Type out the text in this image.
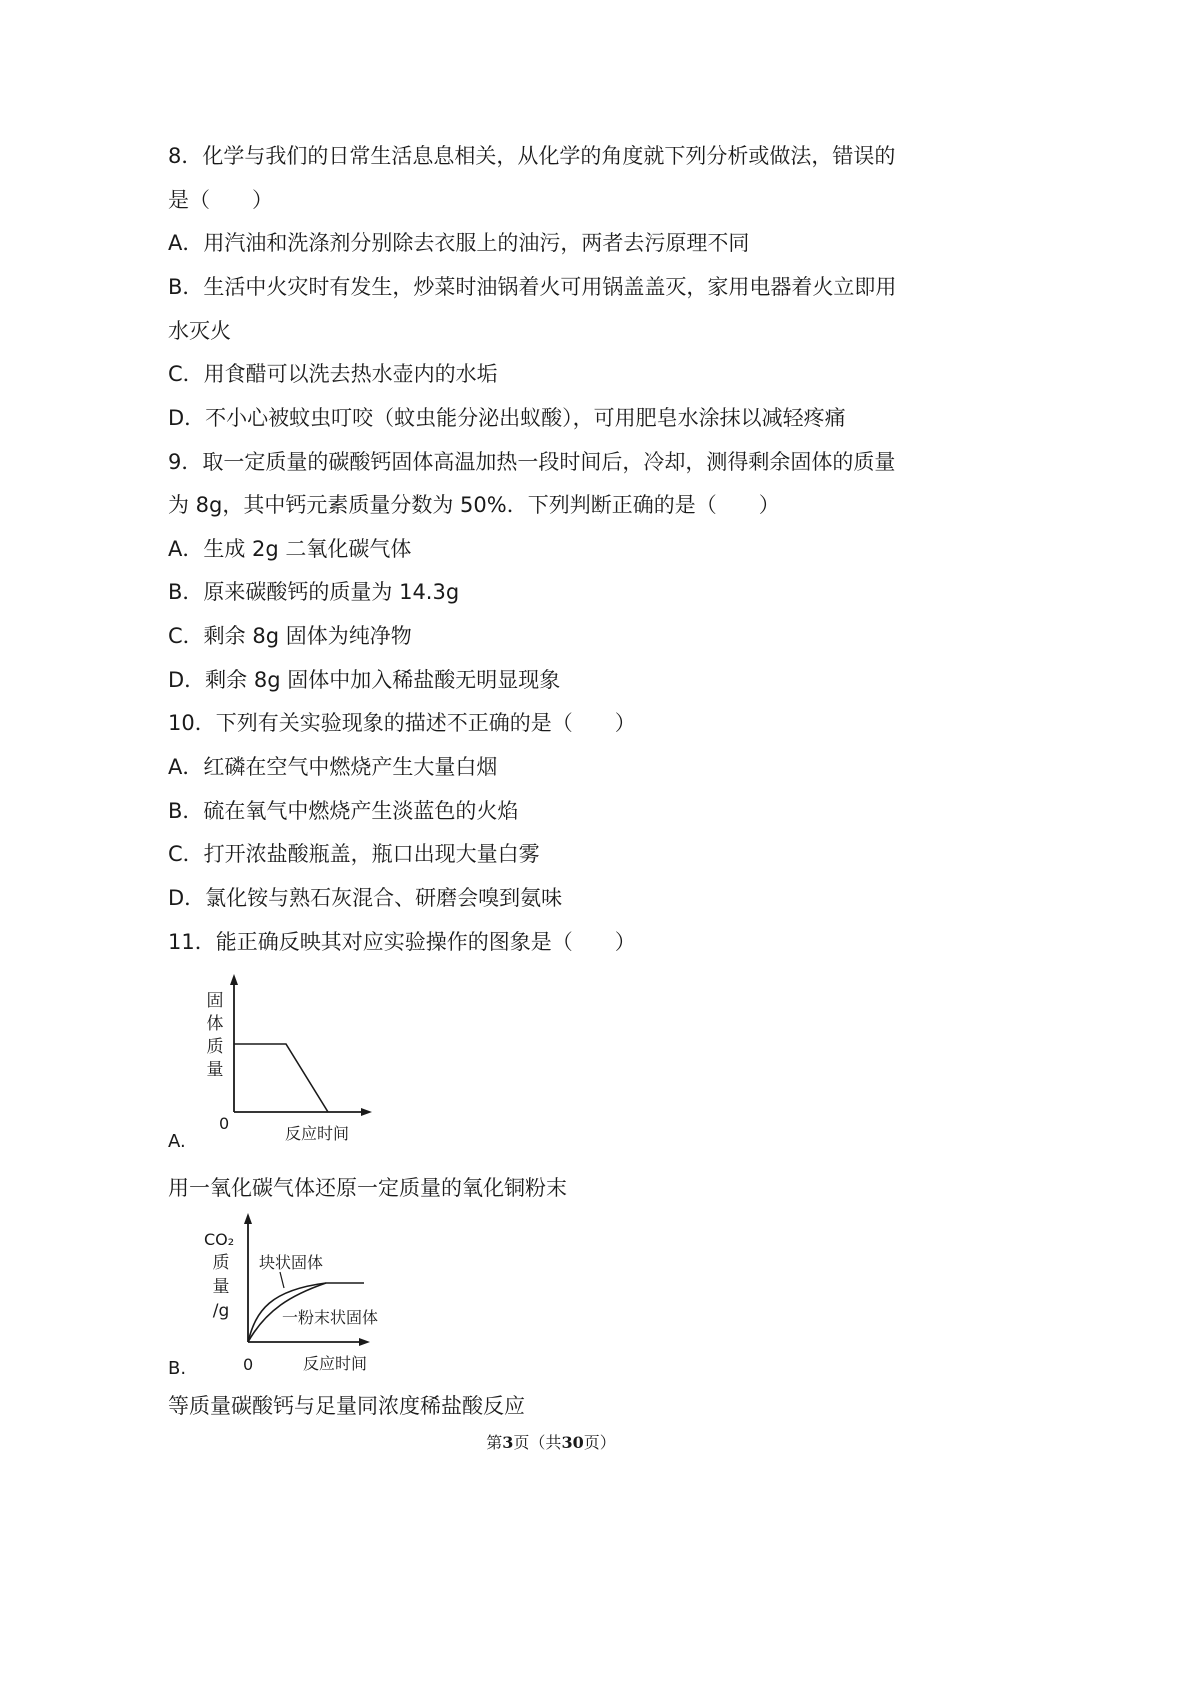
8．化学与我们的日常生活息息相关，从化学的角度就下列分析或做法，错误的
是（　　）
A．用汽油和洗涤剂分别除去衣服上的油污，两者去污原理不同
B．生活中火灾时有发生，炒菜时油锅着火可用锅盖盖灭，家用电器着火立即用
水灭火
C．用食醋可以洗去热水壶内的水垢
D．不小心被蚊虫叮咬（蚊虫能分泌出蚁酸），可用肥皂水涂抹以减轻疼痛
9．取一定质量的碳酸钙固体高温加热一段时间后，冷却，测得剩余固体的质量
为 8g，其中钙元素质量分数为 50%．下列判断正确的是（　　）
A．生成 2g 二氧化碳气体
B．原来碳酸钙的质量为 14.3g
C．剩余 8g 固体为纯净物
D．剩余 8g 固体中加入稀盐酸无明显现象
10．下列有关实验现象的描述不正确的是（　　）
A．红磷在空气中燃烧产生大量白烟
B．硫在氧气中燃烧产生淡蓝色的火焰
C．打开浓盐酸瓶盖，瓶口出现大量白雾
D．氯化铵与熟石灰混合、研磨会嗅到氨味
11．能正确反映其对应实验操作的图象是（　　）
固
体
质
量
0
反应时间
A.
用一氧化碳气体还原一定质量的氧化铜粉末
CO₂
质
量
/g
块状固体
一粉末状固体
0	反应时间
B.
等质量碳酸钙与足量同浓度稀盐酸反应
第3页（共30页）
